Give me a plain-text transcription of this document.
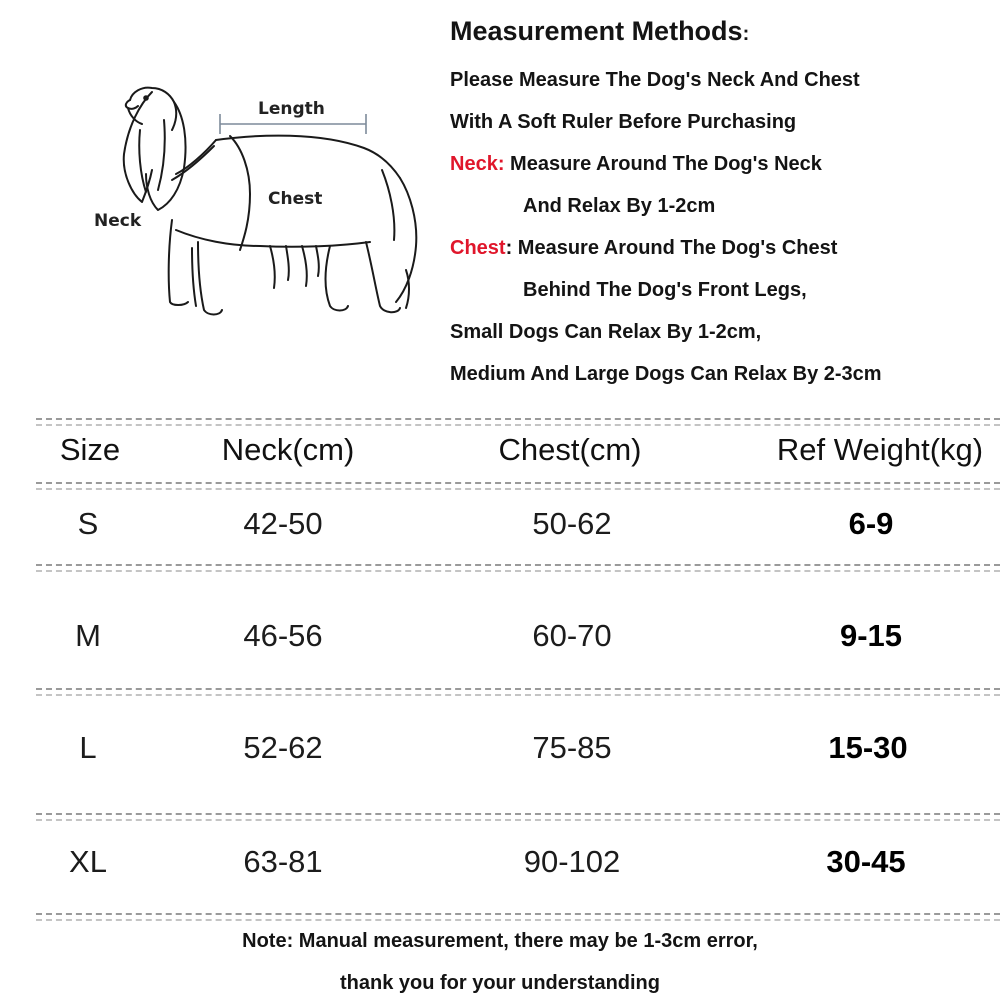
Length
Chest
Neck
Measurement Methods:
Please Measure The Dog's Neck And Chest
With A Soft Ruler Before Purchasing
Neck: Measure Around The Dog's Neck
And Relax By 1-2cm
Chest: Measure Around The Dog's Chest
Behind The Dog's Front Legs,
Small Dogs Can Relax By 1-2cm,
Medium And Large Dogs Can Relax By 2-3cm
Size	Neck(cm)	Chest(cm)	Ref Weight(kg)
S	42-50	50-62	6-9
M	46-56	60-70	9-15
L	52-62	75-85	15-30
XL	63-81	90-102	30-45
Note: Manual measurement, there may be 1-3cm error,
thank you for your understanding
